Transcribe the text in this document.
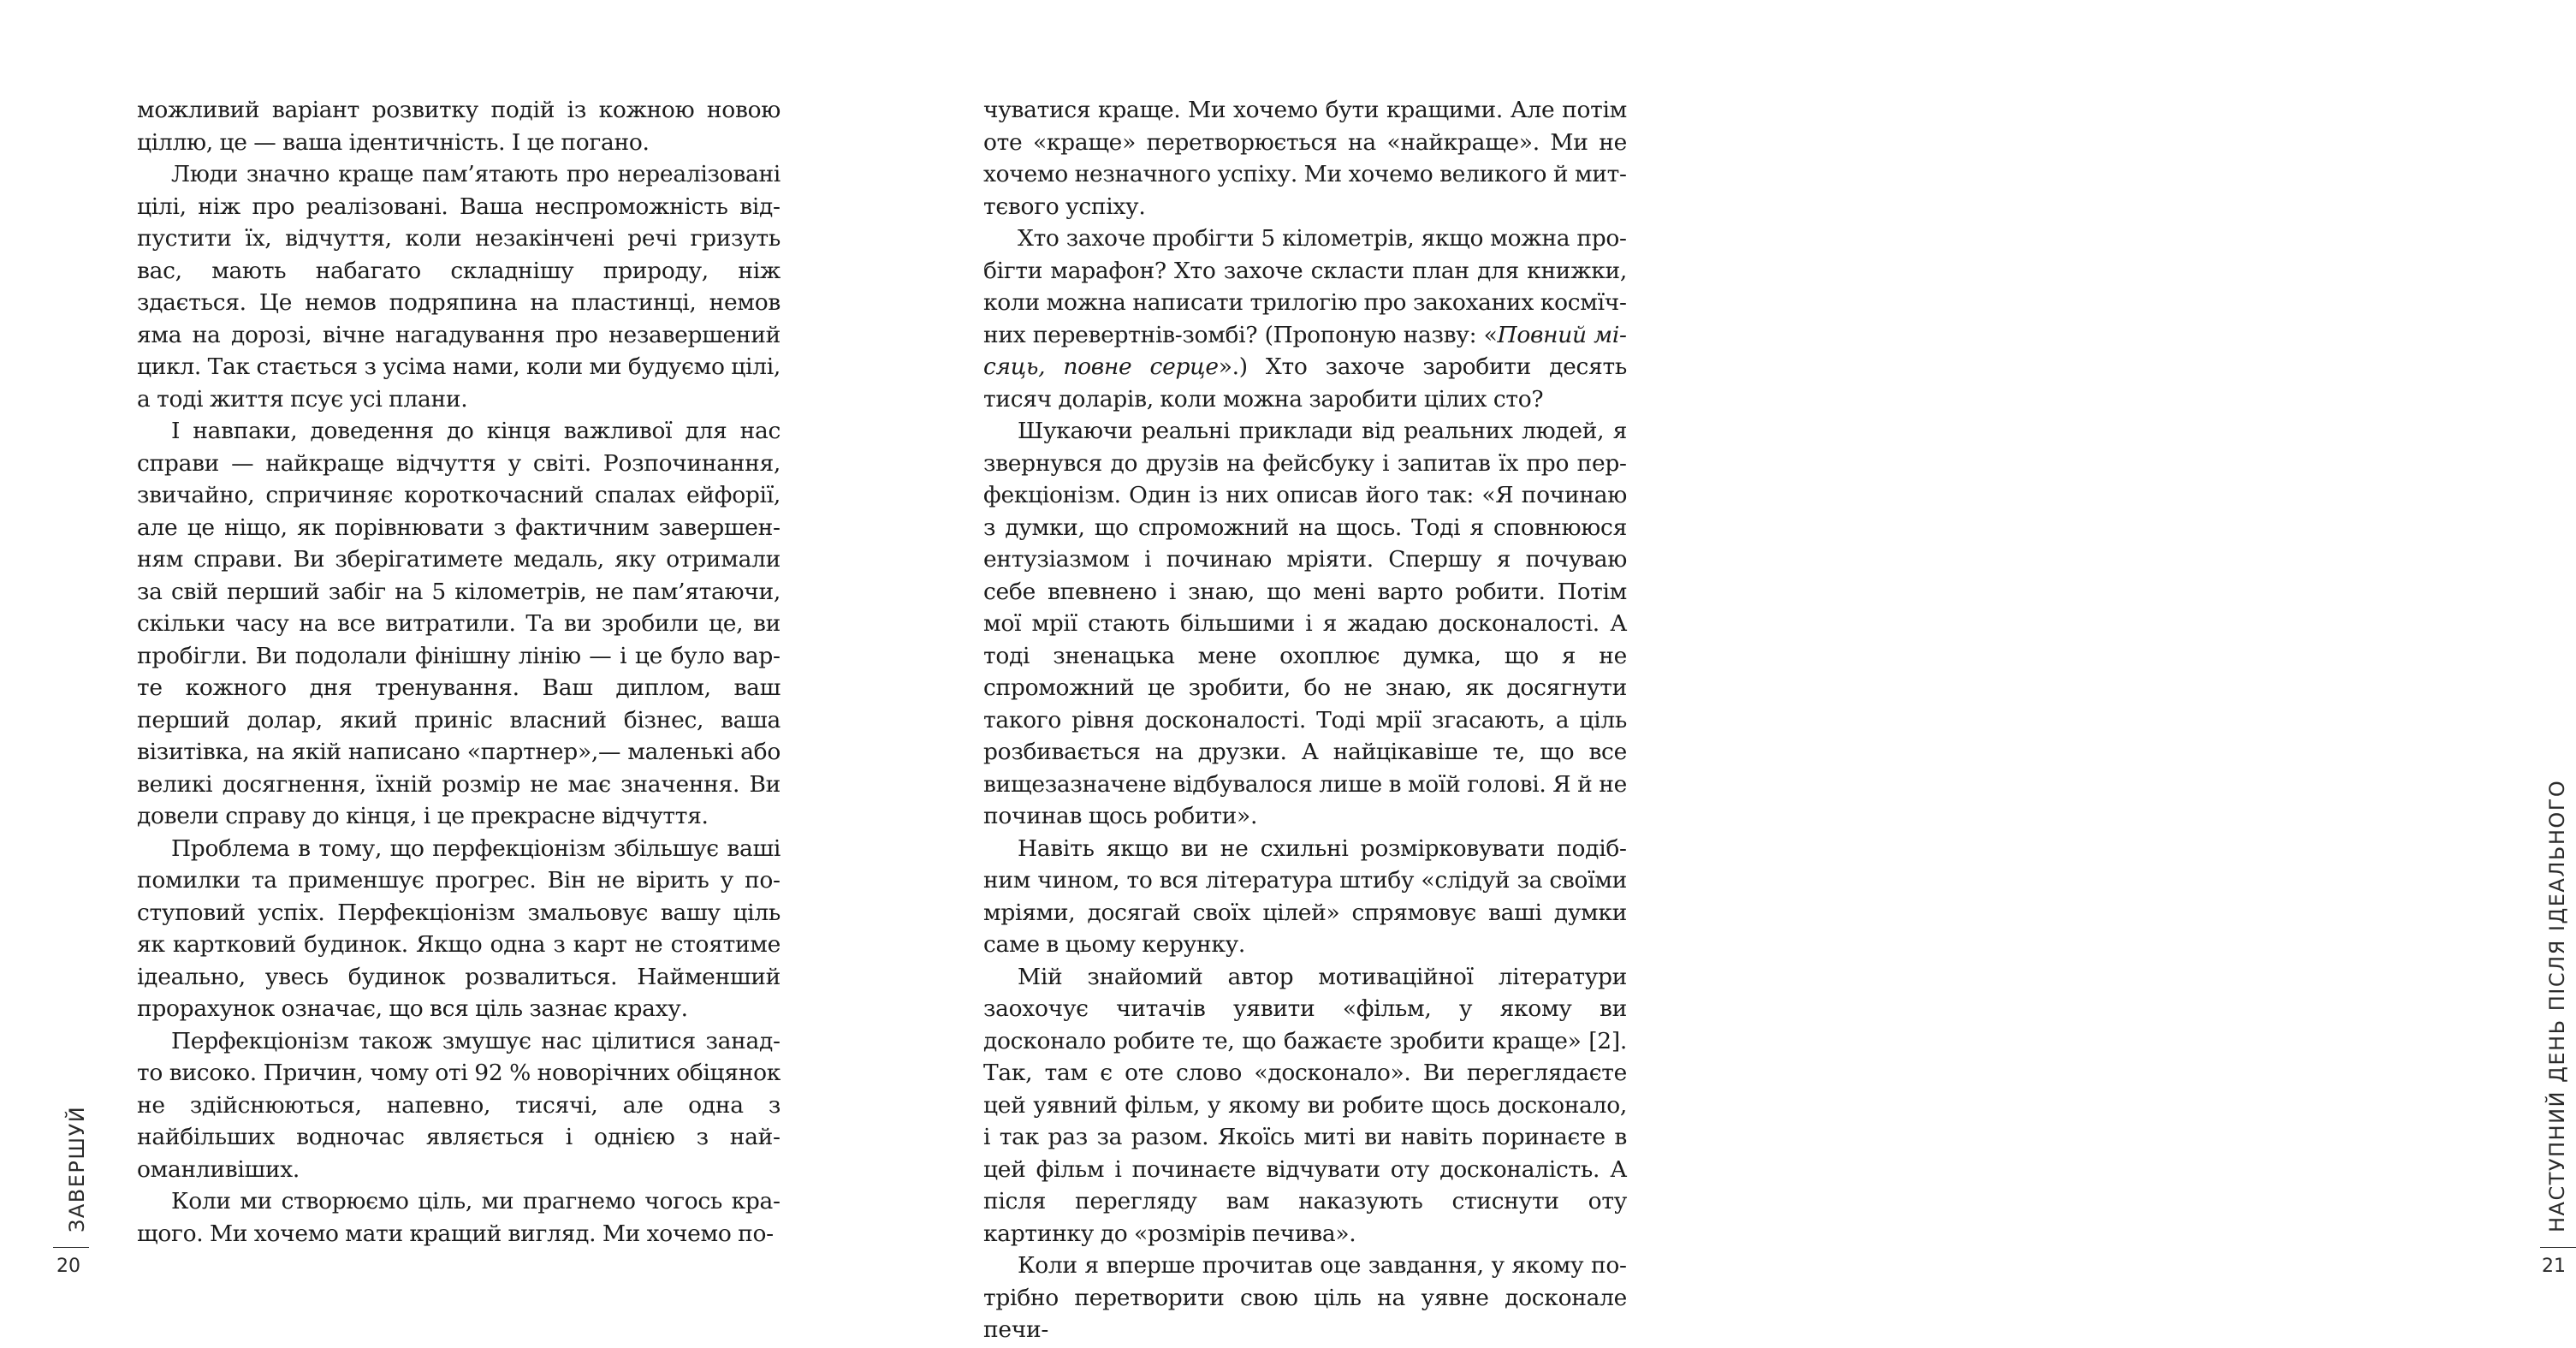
можливий варіант розвитку подій із кожною новою ціллю, це — ваша ідентичність. І це погано.

Люди значно краще пам’ятають про нереалізовані цілі, ніж про реалізовані. Ваша неспроможність відпустити їх, відчуття, коли незакінчені речі гризуть вас, мають набагато складнішу природу, ніж здається. Це немов подряпина на пластинці, немов яма на дорозі, вічне нагадування про незавершений цикл. Так стається з усіма нами, коли ми будуємо цілі, а тоді життя псує усі плани.

І навпаки, доведення до кінця важливої для нас справи — найкраще відчуття у світі. Розпочинання, звичайно, спричиняє короткочасний спалах ейфорії, але це ніщо, як порівнювати з фактичним завершенням справи. Ви зберігатимете медаль, яку отримали за свій перший забіг на 5 кілометрів, не пам’ятаючи, скільки часу на все витратили. Та ви зробили це, ви пробігли. Ви подолали фінішну лінію — і це було варте кожного дня тренування. Ваш диплом, ваш перший долар, який приніс власний бізнес, ваша візитівка, на якій написано «партнер»,— маленькі або великі досягнення, їхній розмір не має значення. Ви довели справу до кінця, і це прекрасне відчуття.

Проблема в тому, що перфекціонізм збільшує ваші помилки та применшує прогрес. Він не вірить у поступовий успіх. Перфекціонізм змальовує вашу ціль як картковий будинок. Якщо одна з карт не стоятиме ідеально, увесь будинок розвалиться. Найменший прорахунок означає, що вся ціль зазнає краху.

Перфекціонізм також змушує нас цілитися занадто високо. Причин, чому оті 92 % новорічних обіцянок не здійснюються, напевно, тисячі, але одна з найбільших водночас являється і однією з найоманливіших.

Коли ми створюємо ціль, ми прагнемо чогось кращого. Ми хочемо мати кращий вигляд. Ми хочемо по-

ЗАВЕРШУЙ
20

чуватися краще. Ми хочемо бути кращими. Але потім оте «краще» перетворюється на «найкраще». Ми не хочемо незначного успіху. Ми хочемо великого й миттєвого успіху.

Хто захоче пробігти 5 кілометрів, якщо можна пробігти марафон? Хто захоче скласти план для книжки, коли можна написати трилогію про закоханих космїчних перевертнів-зомбі? (Пропоную назву: «Повний місяць, повне серце».) Хто захоче заробити десять тисяч доларів, коли можна заробити цілих сто?

Шукаючи реальні приклади від реальних людей, я звернувся до друзів на фейсбуку і запитав їх про перфекціонізм. Один із них описав його так: «Я починаю з думки, що спроможний на щось. Тоді я сповнююся ентузіазмом і починаю мріяти. Спершу я почуваю себе впевнено і знаю, що мені варто робити. Потім мої мрії стають більшими і я жадаю досконалості. А тоді зненацька мене охоплює думка, що я не спроможний це зробити, бо не знаю, як досягнути такого рівня досконалості. Тоді мрії згасають, а ціль розбивається на друзки. А найцікавіше те, що все вищезазначене відбувалося лише в моїй голові. Я й не починав щось робити».

Навіть якщо ви не схильні розмірковувати подібним чином, то вся література штибу «слідуй за своїми мріями, досягай своїх цілей» спрямовує ваші думки саме в цьому керунку.

Мій знайомий автор мотиваційної літератури заохочує читачів уявити «фільм, у якому ви досконало робите те, що бажаєте зробити краще» [2]. Так, там є оте слово «досконало». Ви переглядаєте цей уявний фільм, у якому ви робите щось досконало, і так раз за разом. Якоїсь миті ви навіть поринаєте в цей фільм і починаєте відчувати оту досконалість. А після перегляду вам наказують стиснути оту картинку до «розмірів печива».

Коли я вперше прочитав оце завдання, у якому потрібно перетворити свою ціль на уявне досконале печи-

НАСТУПНИЙ ДЕНЬ ПІСЛЯ ІДЕАЛЬНОГО
21
